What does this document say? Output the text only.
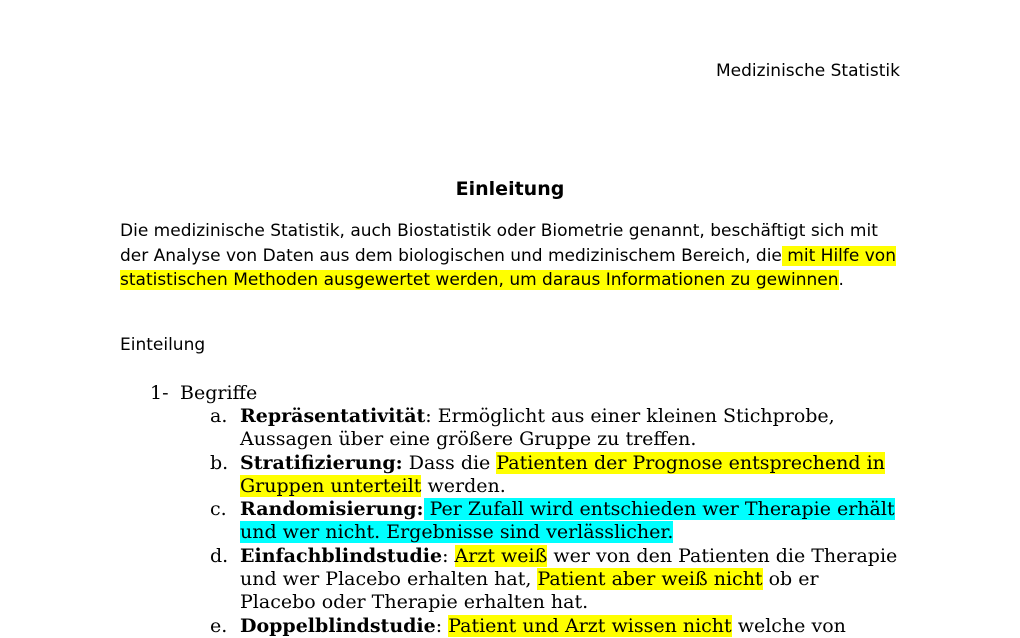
Medizinische Statistik
Einleitung

Die medizinische Statistik, auch Biostatistik oder Biometrie genannt, beschäftigt sich mit der Analyse von Daten aus dem biologischen und medizinischem Bereich, die mit Hilfe von statistischen Methoden ausgewertet werden, um daraus Informationen zu gewinnen.

Einteilung

1- Begriffe

a. Repräsentativität: Ermöglicht aus einer kleinen Stichprobe, Aussagen über eine größere Gruppe zu treffen.

b. Stratifizierung: Dass die Patienten der Prognose entsprechend in Gruppen unterteilt werden.

c. Randomisierung: Per Zufall wird entschieden wer Therapie erhält und wer nicht. Ergebnisse sind verlässlicher.

d. Einfachblindstudie: Arzt weiß wer von den Patienten die Therapie und wer Placebo erhalten hat, Patient aber weiß nicht ob er Placebo oder Therapie erhalten hat.

e. Doppelblindstudie: Patient und Arzt wissen nicht welche von
